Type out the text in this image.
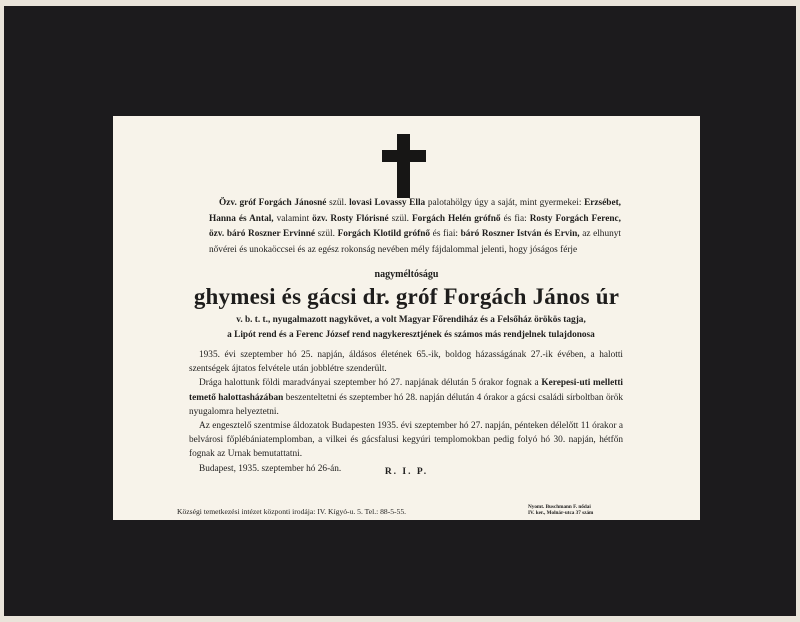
Özv. gróf Forgách Jánosné szül. lovasi Lovassy Ella palotahölgy úgy a saját, mint gyermekei: Erzsébet, Hanna és Antal, valamint özv. Rosty Flórisné szül. Forgách Helén grófnő és fia: Rosty Forgách Ferenc, özv. báró Roszner Ervinné szül. Forgách Klotild grófnő és fiai: báró Roszner István és Ervin, az elhunyt nővérei és unokaöccsei és az egész rokonság nevében mély fájdalommal jelenti, hogy jóságos férje
nagyméltóságu
ghymesi és gácsi dr. gróf Forgách János úr
v. b. t. t., nyugalmazott nagykövet, a volt Magyar Főrendiház és a Felsőház örökös tagja,
a Lipót rend és a Ferenc József rend nagykeresztjének és számos más rendjelnek tulajdonosa

1935. évi szeptember hó 25. napján, áldásos életének 65.-ik, boldog házasságának 27.-ik évében, a halotti szentségek ájtatos felvétele után jobblétre szenderült.

Drága halottunk földi maradványai szeptember hó 27. napjának délután 5 órakor fognak a Kerepesi-uti melletti temető halottasházában beszenteltetni és szeptember hó 28. napján délután 4 órakor a gácsi családi sírboltban örök nyugalomra helyeztetni.

Az engesztelő szentmise áldozatok Budapesten 1935. évi szeptember hó 27. napján, pénteken délelőtt 11 órakor a belvárosi főplébániatemplomban, a vilkei és gácsfalusi kegyúri templomokban pedig folyó hó 30. napján, hétfőn fognak az Urnak bemutattatni.

Budapest, 1935. szeptember hó 26-án.	R. I. P.
Községi temetkezési intézet központi irodája: IV. Kígyó-u. 5. Tel.: 88-5-55.	Nyomt. Buschmann F. nődai
IV. ker., Molnár-utca 37 szám
